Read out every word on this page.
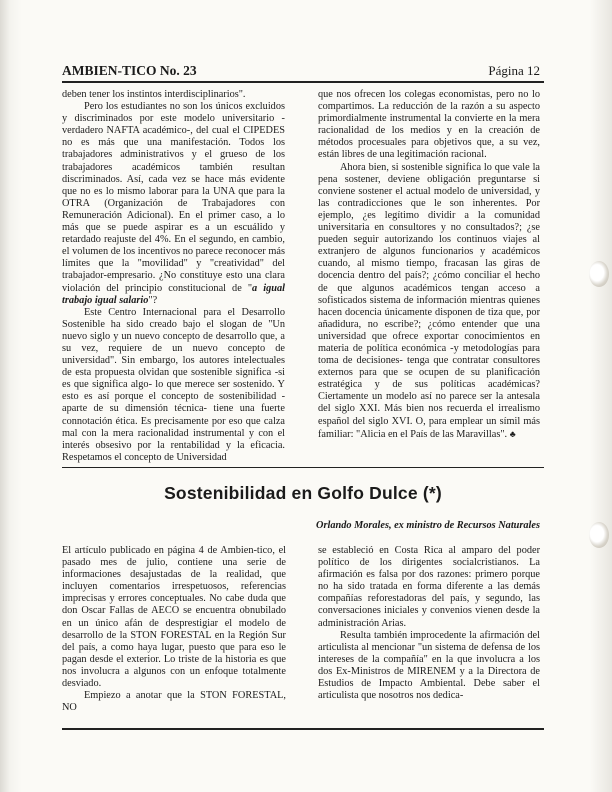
AMBIEN-TICO No. 23	Página 12

deben tener los instintos interdisciplinarios".

Pero los estudiantes no son los únicos excluidos y discriminados por este modelo universitario -verdadero NAFTA académico-, del cual el CIPEDES no es más que una manifestación. Todos los trabajadores administrativos y el grueso de los trabajadores académicos también resultan discriminados. Así, cada vez se hace más evidente que no es lo mismo laborar para la UNA que para la OTRA (Organización de Trabajadores con Remuneración Adicional). En el primer caso, a lo más que se puede aspirar es a un escuálido y retardado reajuste del 4%. En el segundo, en cambio, el volumen de los incentivos no parece reconocer más límites que la "movilidad" y "creatividad" del trabajador-empresario. ¿No constituye esto una clara violación del principio constitucional de "a igual trabajo igual salario"?

Este Centro Internacional para el Desarrollo Sostenible ha sido creado bajo el slogan de "Un nuevo siglo y un nuevo concepto de desarrollo que, a su vez, requiere de un nuevo concepto de universidad". Sin embargo, los autores intelectuales de esta propuesta olvidan que sostenible significa -si es que significa algo- lo que merece ser sostenido. Y esto es así porque el concepto de sostenibilidad -aparte de su dimensión técnica- tiene una fuerte connotación ética. Es precisamente por eso que calza mal con la mera racionalidad instrumental y con el interés obsesivo por la rentabilidad y la eficacia. Respetamos el concepto de Universidad

que nos ofrecen los colegas economistas, pero no lo compartimos. La reducción de la razón a su aspecto primordialmente instrumental la convierte en la mera racionalidad de los medios y en la creación de métodos procesuales para objetivos que, a su vez, están libres de una legitimación racional.

Ahora bien, si sostenible significa lo que vale la pena sostener, deviene obligación preguntarse si conviene sostener el actual modelo de universidad, y las contradicciones que le son inherentes. Por ejemplo, ¿es legítimo dividir a la comunidad universitaria en consultores y no consultados?; ¿se pueden seguir autorizando los continuos viajes al extranjero de algunos funcionarios y académicos cuando, al mismo tiempo, fracasan las giras de docencia dentro del país?; ¿cómo conciliar el hecho de que algunos académicos tengan acceso a sofisticados sistema de información mientras quienes hacen docencia únicamente disponen de tiza que, por añadidura, no escribe?; ¿cómo entender que una universidad que ofrece exportar conocimientos en materia de política económica -y metodologías para toma de decisiones- tenga que contratar consultores externos para que se ocupen de su planificación estratégica y de sus políticas académicas? Ciertamente un modelo así no parece ser la antesala del siglo XXI. Más bien nos recuerda el irrealismo español del siglo XVI. O, para emplear un símil más familiar: "Alicia en el País de las Maravillas". ♣

Sostenibilidad en Golfo Dulce (*)
Orlando Morales, ex ministro de Recursos Naturales

El artículo publicado en página 4 de Ambien-tico, el pasado mes de julio, contiene una serie de informaciones desajustadas de la realidad, que incluyen comentarios irrespetuosos, referencias imprecisas y errores conceptuales. No cabe duda que don Oscar Fallas de AECO se encuentra obnubilado en un único afán de desprestigiar el modelo de desarrollo de la STON FORESTAL en la Región Sur del país, a como haya lugar, puesto que para eso le pagan desde el exterior. Lo triste de la historia es que nos involucra a algunos con un enfoque totalmente desviado.

Empiezo a anotar que la STON FORESTAL, NO

se estableció en Costa Rica al amparo del poder político de los dirigentes socialcristianos. La afirmación es falsa por dos razones: primero porque no ha sido tratada en forma diferente a las demás compañías reforestadoras del país, y segundo, las conversaciones iniciales y convenios vienen desde la administración Arias.

Resulta también improcedente la afirmación del articulista al mencionar "un sistema de defensa de los intereses de la compañía" en la que involucra a los dos Ex-Ministros de MIRENEM y a la Directora de Estudios de Impacto Ambiental. Debe saber el articulista que nosotros nos dedica-
